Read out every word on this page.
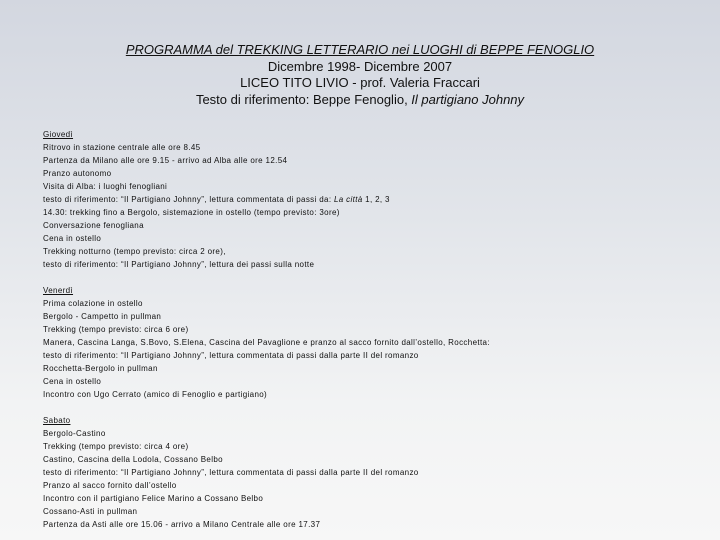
PROGRAMMA del TREKKING LETTERARIO nei LUOGHI di BEPPE FENOGLIO
Dicembre 1998- Dicembre 2007
LICEO TITO LIVIO - prof. Valeria Fraccari
Testo di riferimento: Beppe Fenoglio, Il partigiano Johnny
Giovedì
Ritrovo in stazione centrale alle ore 8.45
Partenza da Milano alle ore 9.15 - arrivo ad Alba alle ore 12.54
Pranzo autonomo
Visita di Alba: i luoghi fenogliani
testo di riferimento: “Il Partigiano Johnny”, lettura commentata di passi da: La città 1, 2, 3
14.30: trekking fino a Bergolo, sistemazione in ostello (tempo previsto: 3ore)
Conversazione fenogliana
Cena in ostello
Trekking notturno (tempo previsto: circa 2 ore),
testo di riferimento: “Il Partigiano Johnny”, lettura dei passi sulla notte
Venerdì
Prima colazione in ostello
Bergolo - Campetto in pullman
Trekking (tempo previsto: circa 6 ore)
Manera, Cascina Langa, S.Bovo, S.Elena, Cascina del Pavaglione e pranzo al sacco fornito dall’ostello, Rocchetta:
testo di riferimento: “Il Partigiano Johnny”, lettura commentata di passi dalla parte II del romanzo
Rocchetta-Bergolo in pullman
Cena in ostello
Incontro con Ugo Cerrato (amico di Fenoglio e partigiano)
Sabato
Bergolo-Castino
Trekking (tempo previsto: circa 4 ore)
Castino, Cascina della Lodola, Cossano Belbo
testo di riferimento: “Il Partigiano Johnny”, lettura commentata di passi dalla parte II del romanzo
Pranzo al sacco fornito dall’ostello
Incontro con il partigiano Felice Marino a Cossano Belbo
Cossano-Asti in pullman
Partenza da Asti alle ore 15.06 - arrivo a Milano Centrale alle ore 17.37
